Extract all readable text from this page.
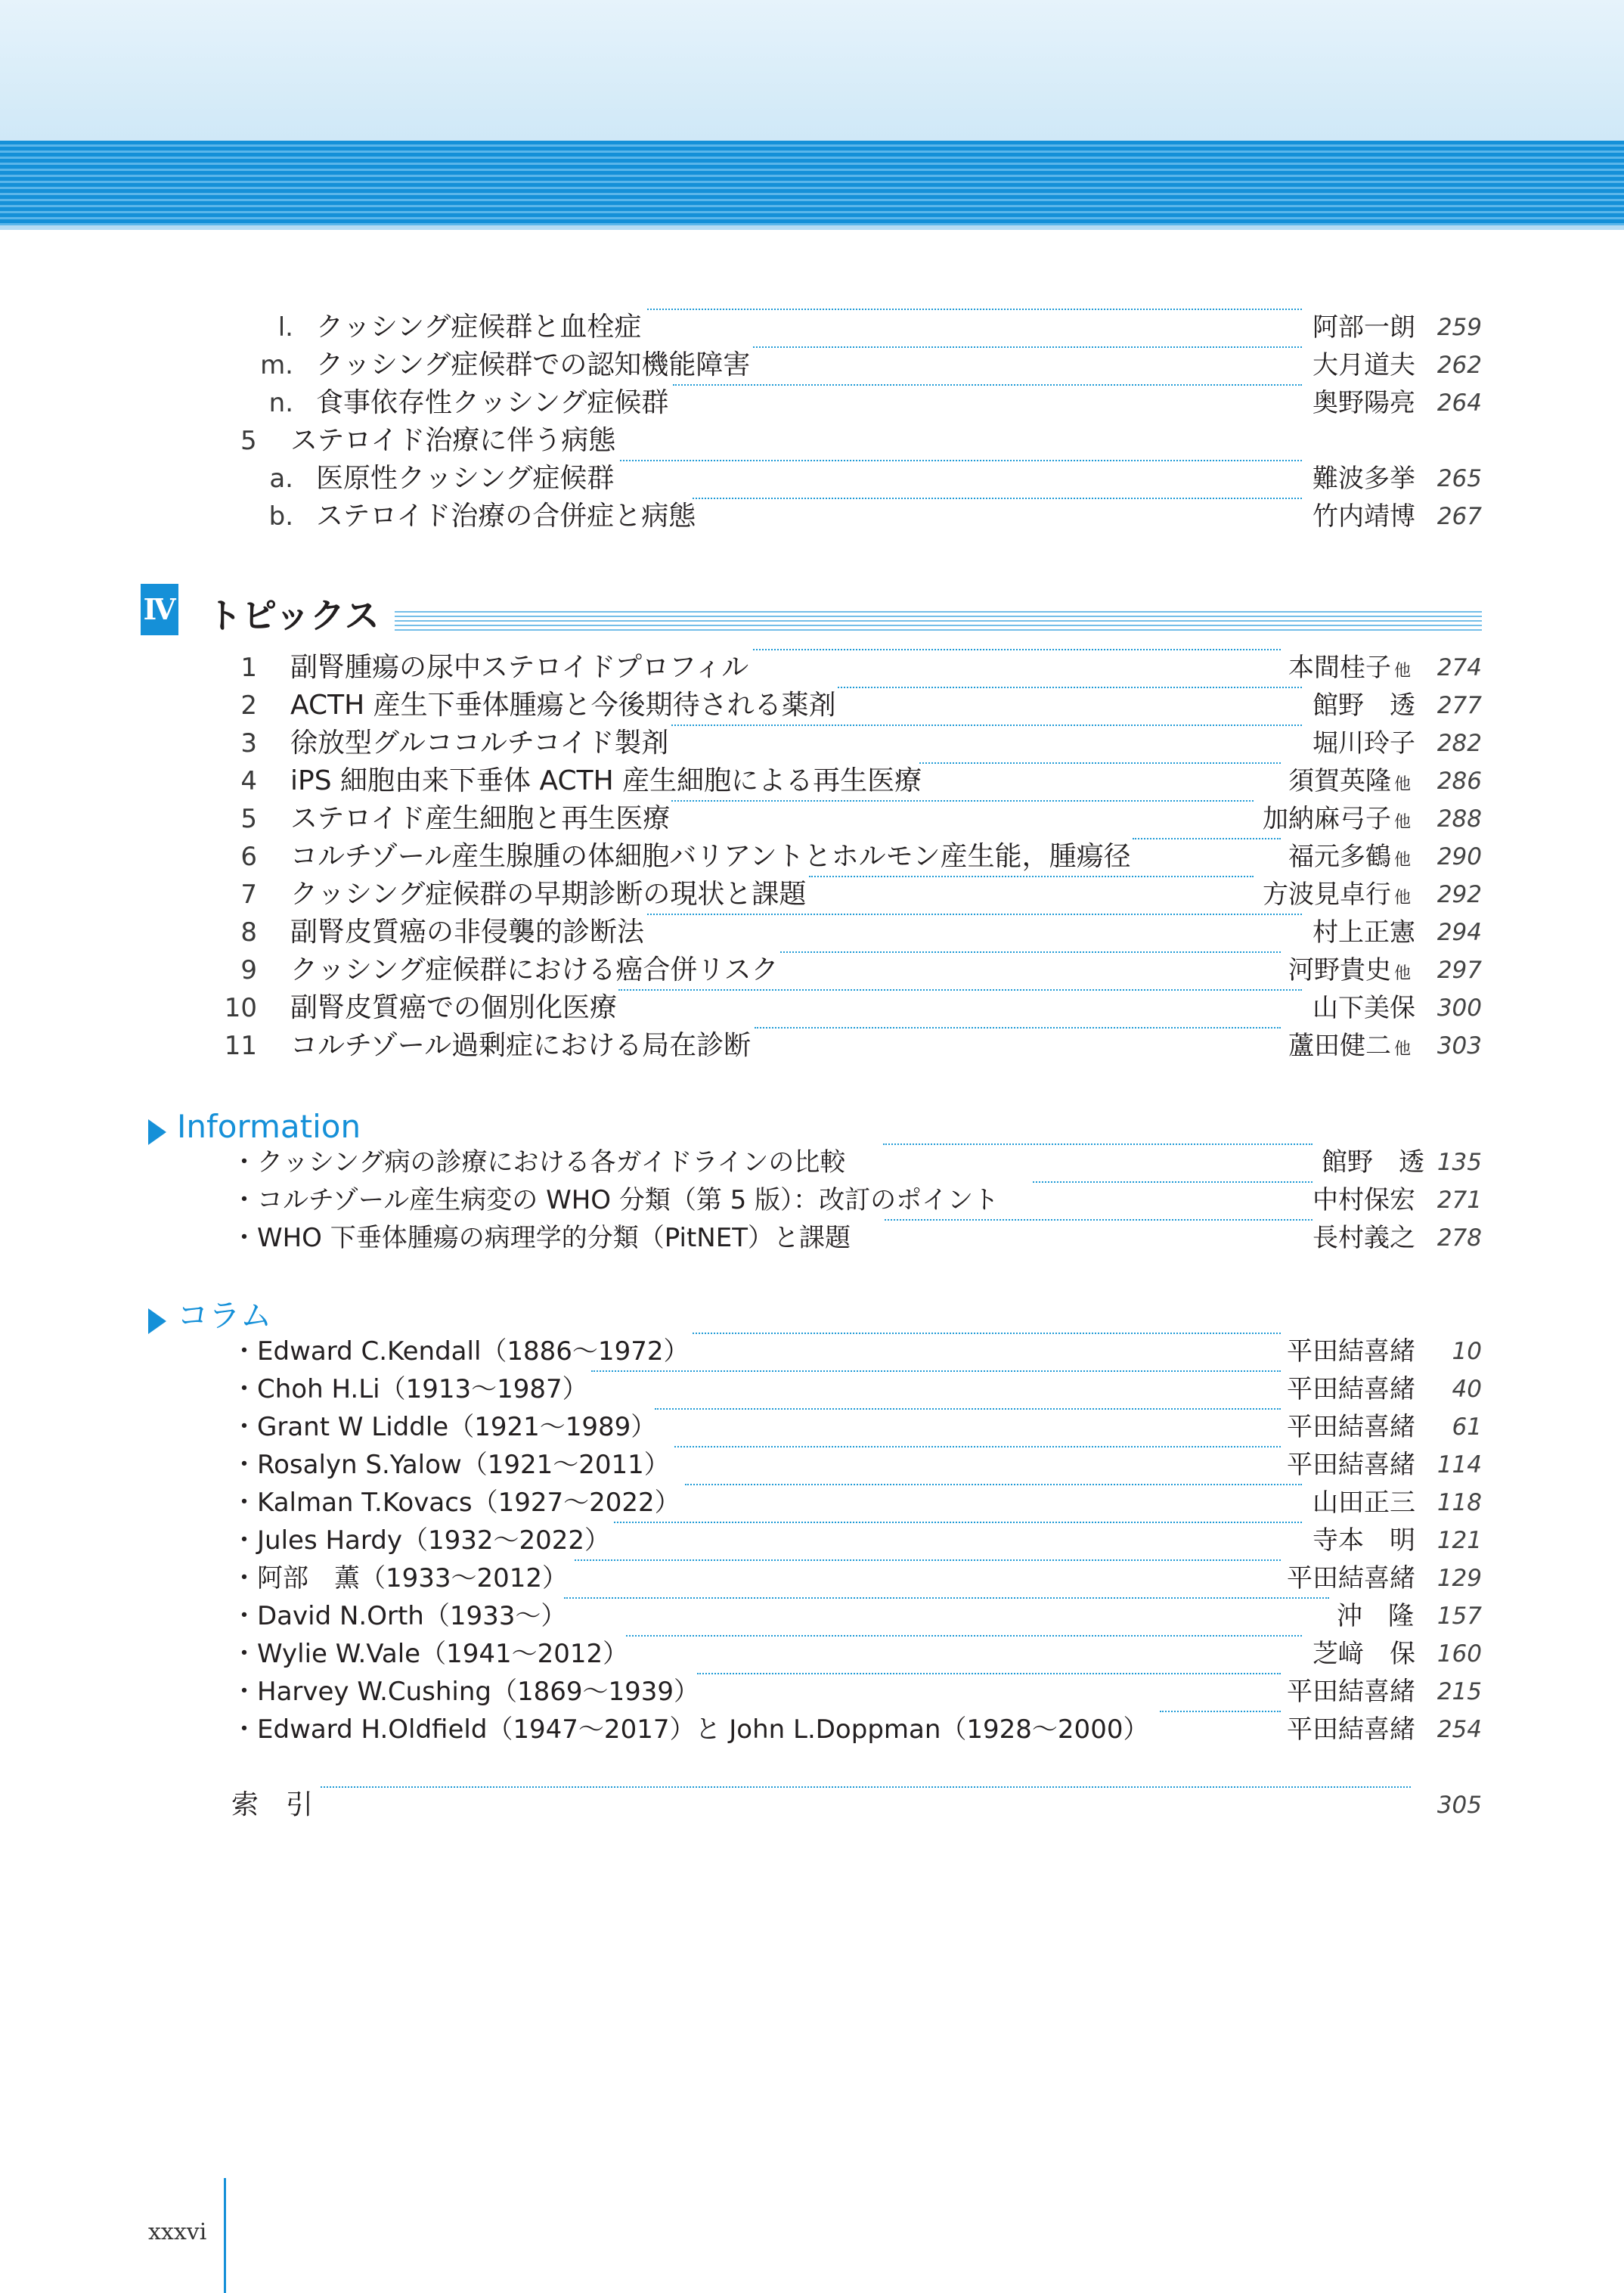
l. クッシング症候群と血栓症	阿部一朗 259
m. クッシング症候群での認知機能障害	大月道夫 262
n. 食事依存性クッシング症候群	奥野陽亮 264
5 ステロイド治療に伴う病態
a. 医原性クッシング症候群	難波多挙 265
b. ステロイド治療の合併症と病態	竹内靖博 267
Ⅳ トピックス
1 副腎腫瘍の尿中ステロイドプロフィル	本間桂子 他 274
2 ACTH 産生下垂体腫瘍と今後期待される薬剤	館野　透 277
3 徐放型グルココルチコイド製剤	堀川玲子 282
4 iPS 細胞由来下垂体 ACTH 産生細胞による再生医療	須賀英隆 他 286
5 ステロイド産生細胞と再生医療	加納麻弓子 他 288
6 コルチゾール産生腺腫の体細胞バリアントとホルモン産生能，腫瘍径	福元多鶴 他 290
7 クッシング症候群の早期診断の現状と課題	方波見卓行 他 292
8 副腎皮質癌の非侵襲的診断法	村上正憲 294
9 クッシング症候群における癌合併リスク	河野貴史 他 297
10 副腎皮質癌での個別化医療	山下美保 300
11 コルチゾール過剰症における局在診断	蘆田健二 他 303
Information
・クッシング病の診療における各ガイドラインの比較	館野　透 135
・コルチゾール産生病変の WHO 分類（第 5 版）：改訂のポイント	中村保宏 271
・WHO 下垂体腫瘍の病理学的分類（PitNET）と課題	長村義之 278
コラム
・Edward C.Kendall（1886～1972）	平田結喜緒 10
・Choh H.Li（1913～1987）	平田結喜緒 40
・Grant W Liddle（1921～1989）	平田結喜緒 61
・Rosalyn S.Yalow（1921～2011）	平田結喜緒 114
・Kalman T.Kovacs（1927～2022）	山田正三 118
・Jules Hardy（1932～2022）	寺本　明 121
・阿部　薫（1933～2012）	平田結喜緒 129
・David N.Orth（1933～）	沖　隆 157
・Wylie W.Vale（1941～2012）	芝﨑　保 160
・Harvey W.Cushing（1869～1939）	平田結喜緒 215
・Edward H.Oldfield（1947～2017）と John L.Doppman（1928～2000）	平田結喜緒 254
索　引	305
xxxvi
